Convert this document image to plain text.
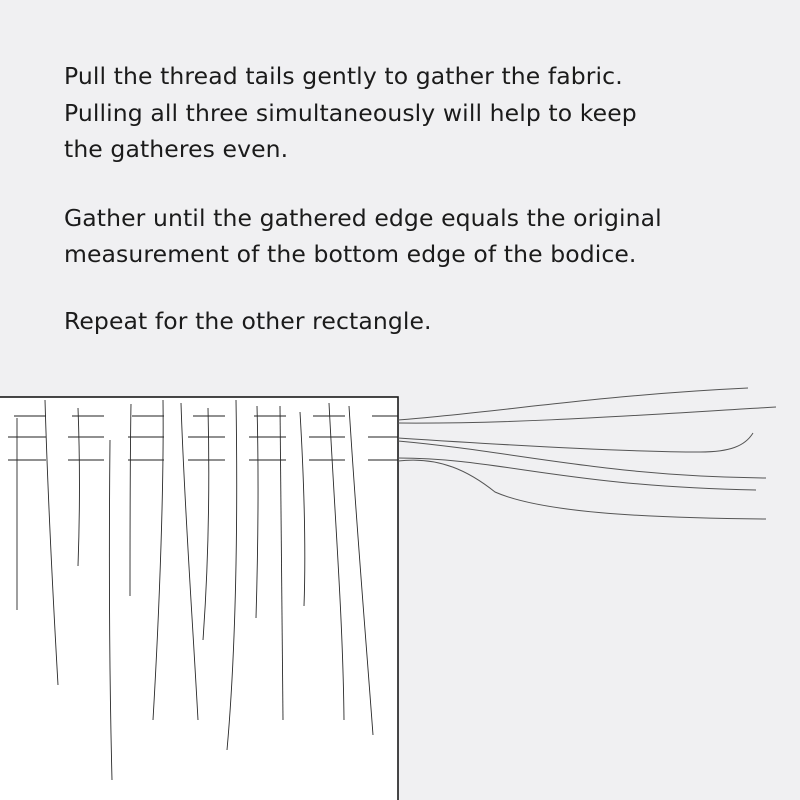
Pull the thread tails gently to gather the fabric.
Pulling all three simultaneously will help to keep
the gatheres even.

Gather until the gathered edge equals the original
measurement of the bottom edge of the bodice.

Repeat for the other rectangle.
